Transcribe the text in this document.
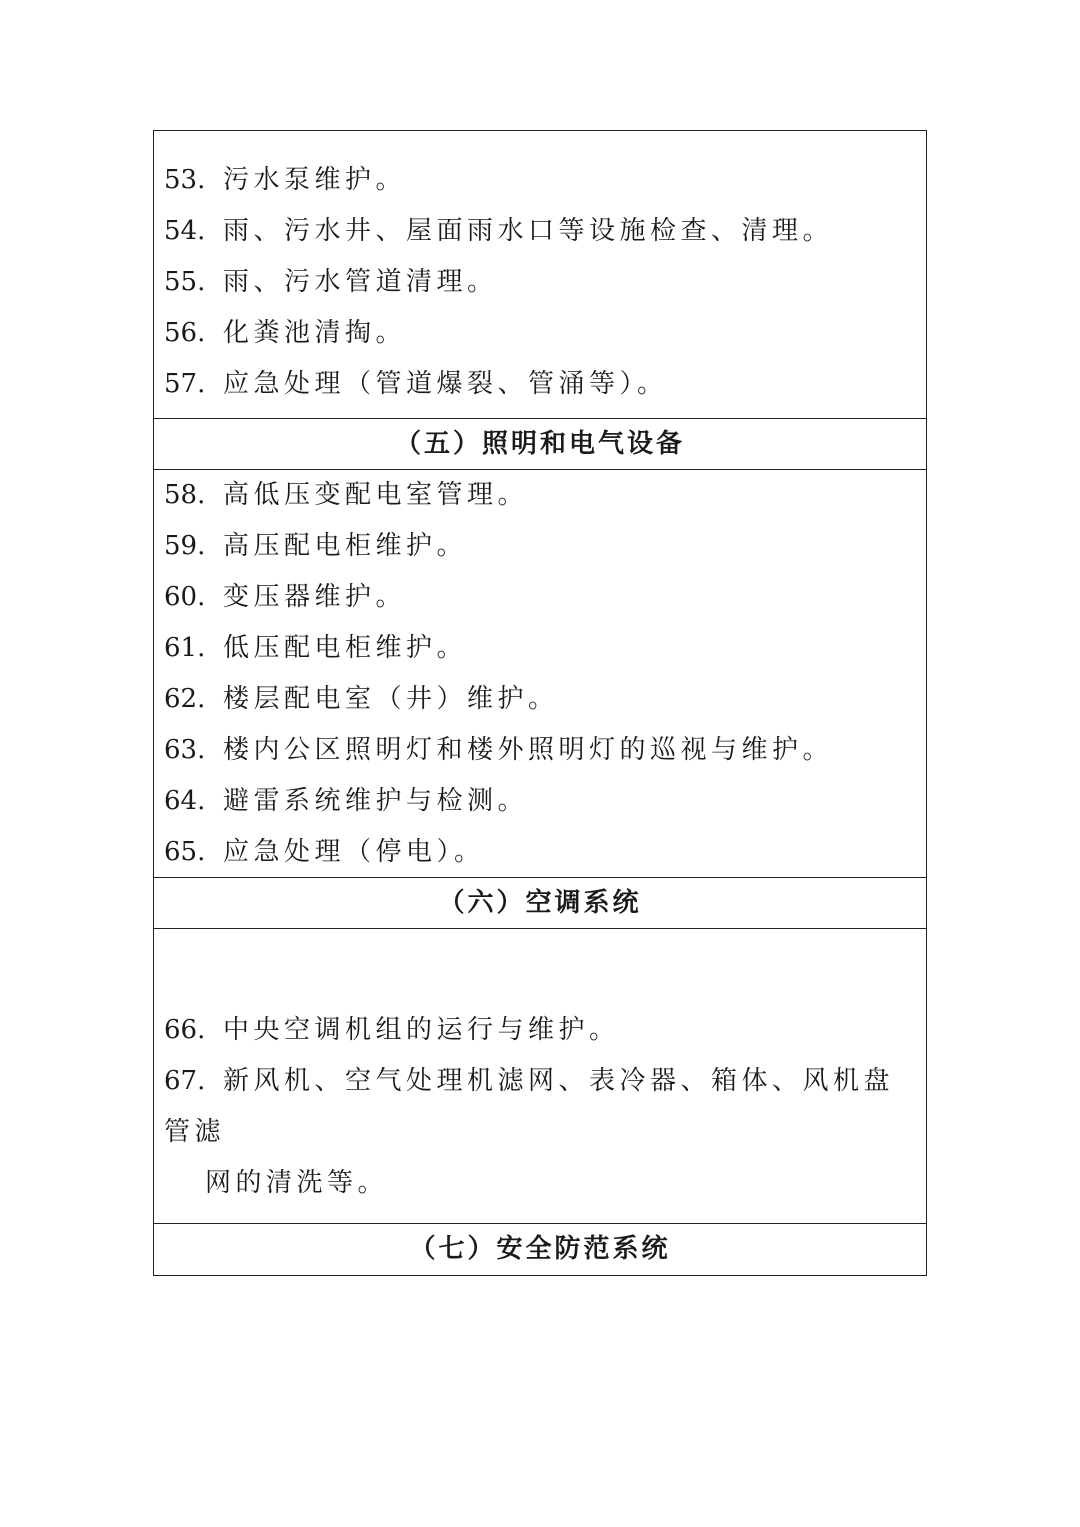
53. 污水泵维护。
54. 雨、污水井、屋面雨水口等设施检查、清理。
55. 雨、污水管道清理。
56. 化粪池清掏。
57. 应急处理（管道爆裂、管涌等）。
（五）照明和电气设备
58. 高低压变配电室管理。
59. 高压配电柜维护。
60. 变压器维护。
61. 低压配电柜维护。
62. 楼层配电室（井）维护。
63. 楼内公区照明灯和楼外照明灯的巡视与维护。
64. 避雷系统维护与检测。
65. 应急处理（停电）。
（六）空调系统
66. 中央空调机组的运行与维护。
67. 新风机、空气处理机滤网、表冷器、箱体、风机盘管滤
网的清洗等。
（七）安全防范系统
